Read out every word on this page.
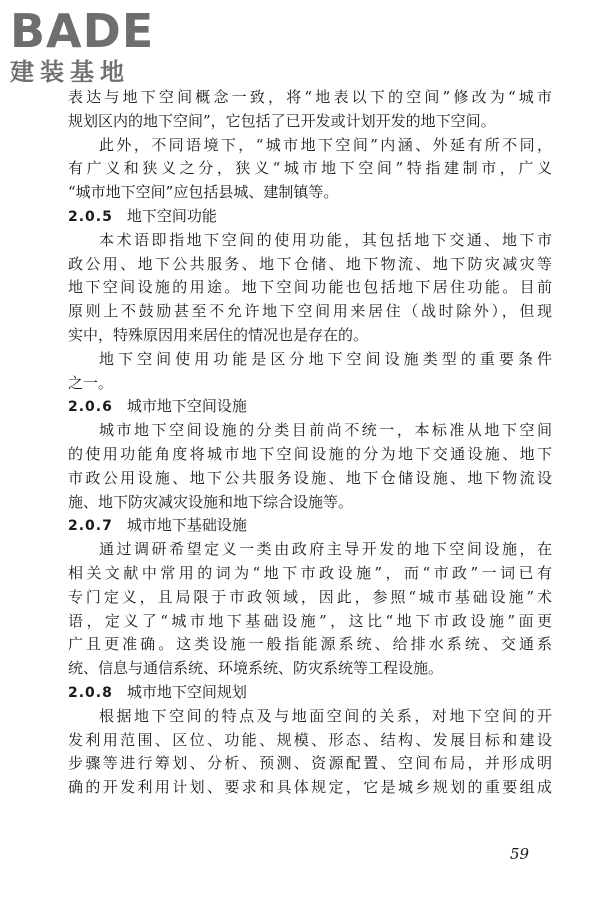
BADE
建装基地
表达与地下空间概念一致，将“地表以下的空间”修改为“城市
规划区内的地下空间”，它包括了已开发或计划开发的地下空间。
此外，不同语境下，“城市地下空间”内涵、外延有所不同，
有广义和狭义之分，狭义“城市地下空间”特指建制市，广义
“城市地下空间”应包括县城、建制镇等。
2.0.5 地下空间功能
本术语即指地下空间的使用功能，其包括地下交通、地下市
政公用、地下公共服务、地下仓储、地下物流、地下防灾减灾等
地下空间设施的用途。地下空间功能也包括地下居住功能。目前
原则上不鼓励甚至不允许地下空间用来居住（战时除外），但现
实中，特殊原因用来居住的情况也是存在的。
地下空间使用功能是区分地下空间设施类型的重要条件
之一。
2.0.6 城市地下空间设施
城市地下空间设施的分类目前尚不统一，本标准从地下空间
的使用功能角度将城市地下空间设施的分为地下交通设施、地下
市政公用设施、地下公共服务设施、地下仓储设施、地下物流设
施、地下防灾减灾设施和地下综合设施等。
2.0.7 城市地下基础设施
通过调研希望定义一类由政府主导开发的地下空间设施，在
相关文献中常用的词为“地下市政设施”，而“市政”一词已有
专门定义，且局限于市政领域，因此，参照“城市基础设施”术
语，定义了“城市地下基础设施”，这比“地下市政设施”面更
广且更准确。这类设施一般指能源系统、给排水系统、交通系
统、信息与通信系统、环境系统、防灾系统等工程设施。
2.0.8 城市地下空间规划
根据地下空间的特点及与地面空间的关系，对地下空间的开
发利用范围、区位、功能、规模、形态、结构、发展目标和建设
步骤等进行筹划、分析、预测、资源配置、空间布局，并形成明
确的开发利用计划、要求和具体规定，它是城乡规划的重要组成
59
